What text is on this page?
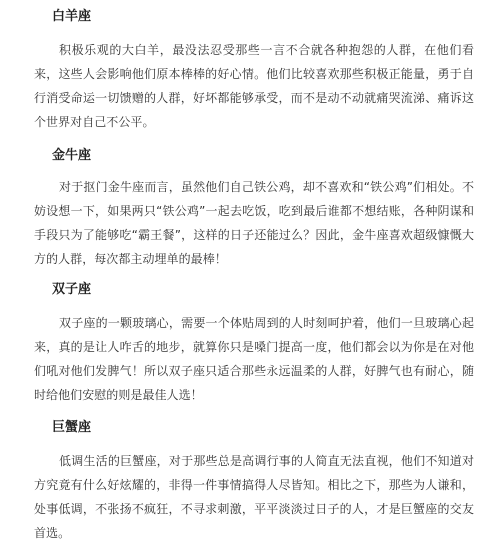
白羊座
积极乐观的大白羊，最没法忍受那些一言不合就各种抱怨的人群，在他们看来，这些人会影响他们原本棒棒的好心情。他们比较喜欢那些积极正能量，勇于自行消受命运一切馈赠的人群，好坏都能够承受，而不是动不动就痛哭流涕、痛诉这个世界对自己不公平。
金牛座
对于抠门金牛座而言，虽然他们自己铁公鸡，却不喜欢和“铁公鸡”们相处。不妨设想一下，如果两只“铁公鸡”一起去吃饭，吃到最后谁都不想结账，各种阴谋和手段只为了能够吃“霸王餐”，这样的日子还能过么？因此，金牛座喜欢超级慷慨大方的人群，每次都主动埋单的最棒！
双子座
双子座的一颗玻璃心，需要一个体贴周到的人时刻呵护着，他们一旦玻璃心起来，真的是让人咋舌的地步，就算你只是嗓门提高一度，他们都会以为你是在对他们吼对他们发脾气！所以双子座只适合那些永远温柔的人群，好脾气也有耐心，随时给他们安慰的则是最佳人选！
巨蟹座
低调生活的巨蟹座，对于那些总是高调行事的人简直无法直视，他们不知道对方究竟有什么好炫耀的，非得一件事情搞得人尽皆知。相比之下，那些为人谦和，处事低调，不张扬不疯狂，不寻求刺激，平平淡淡过日子的人，才是巨蟹座的交友首选。
